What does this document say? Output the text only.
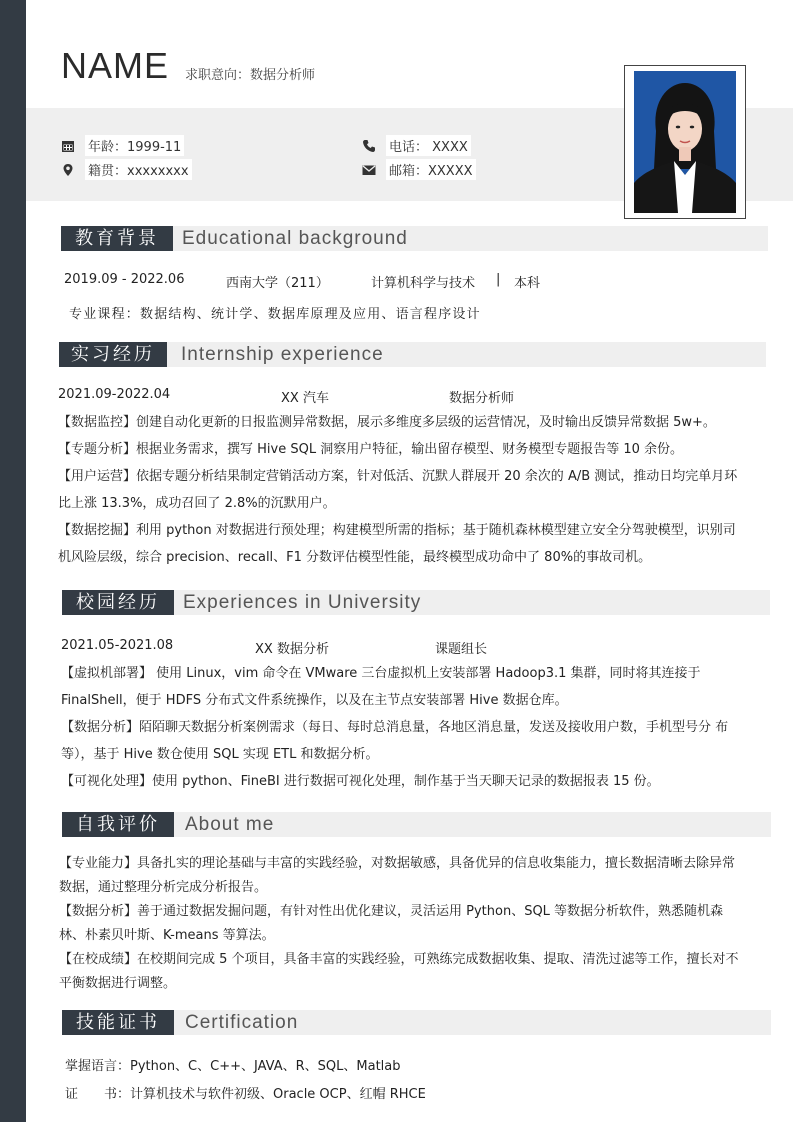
NAME 求职意向：数据分析师
年龄：1999-11
籍贯：xxxxxxxx
电话： XXXX
邮箱：XXXXX
教育背景	Educational background
2019.09 - 2022.06	西南大学（211）	计算机科学与技术 | 本科
专业课程：数据结构、统计学、数据库原理及应用、语言程序设计
实习经历	Internship experience
2021.09-2022.04	XX 汽车	数据分析师

【数据监控】创建自动化更新的日报监测异常数据，展示多维度多层级的运营情况，及时输出反馈异常数据 5w+。

【专题分析】根据业务需求，撰写 Hive SQL 洞察用户特征，输出留存模型、财务模型专题报告等 10 余份。

【用户运营】依据专题分析结果制定营销活动方案，针对低活、沉默人群展开 20 余次的 A/B 测试，推动日均完单月环比上涨 13.3%，成功召回了 2.8%的沉默用户。

【数据挖掘】利用 python 对数据进行预处理；构建模型所需的指标；基于随机森林模型建立安全分驾驶模型，识别司机风险层级，综合 precision、recall、F1 分数评估模型性能，最终模型成功命中了 80%的事故司机。

校园经历	Experiences in University
2021.05-2021.08	XX 数据分析	课题组长

【虚拟机部署】 使用 Linux，vim 命令在 VMware 三台虚拟机上安装部署 Hadoop3.1 集群，同时将其连接于 FinalShell，便于 HDFS 分布式文件系统操作，以及在主节点安装部署 Hive 数据仓库。

【数据分析】陌陌聊天数据分析案例需求（每日、每时总消息量，各地区消息量，发送及接收用户数，手机型号分 布等），基于 Hive 数仓使用 SQL 实现 ETL 和数据分析。

【可视化处理】使用 python、FineBI 进行数据可视化处理，制作基于当天聊天记录的数据报表 15 份。

自我评价	About me

【专业能力】具备扎实的理论基础与丰富的实践经验，对数据敏感，具备优异的信息收集能力，擅长数据清晰去除异常数据，通过整理分析完成分析报告。

【数据分析】善于通过数据发掘问题，有针对性出优化建议，灵活运用 Python、SQL 等数据分析软件，熟悉随机森林、朴素贝叶斯、K-means 等算法。

【在校成绩】在校期间完成 5 个项目，具备丰富的实践经验，可熟练完成数据收集、提取、清洗过滤等工作，擅长对不平衡数据进行调整。

技能证书	Certification
掌握语言：Python、C、C++、JAVA、R、SQL、Matlab
证　　书：计算机技术与软件初级、Oracle OCP、红帽 RHCE
